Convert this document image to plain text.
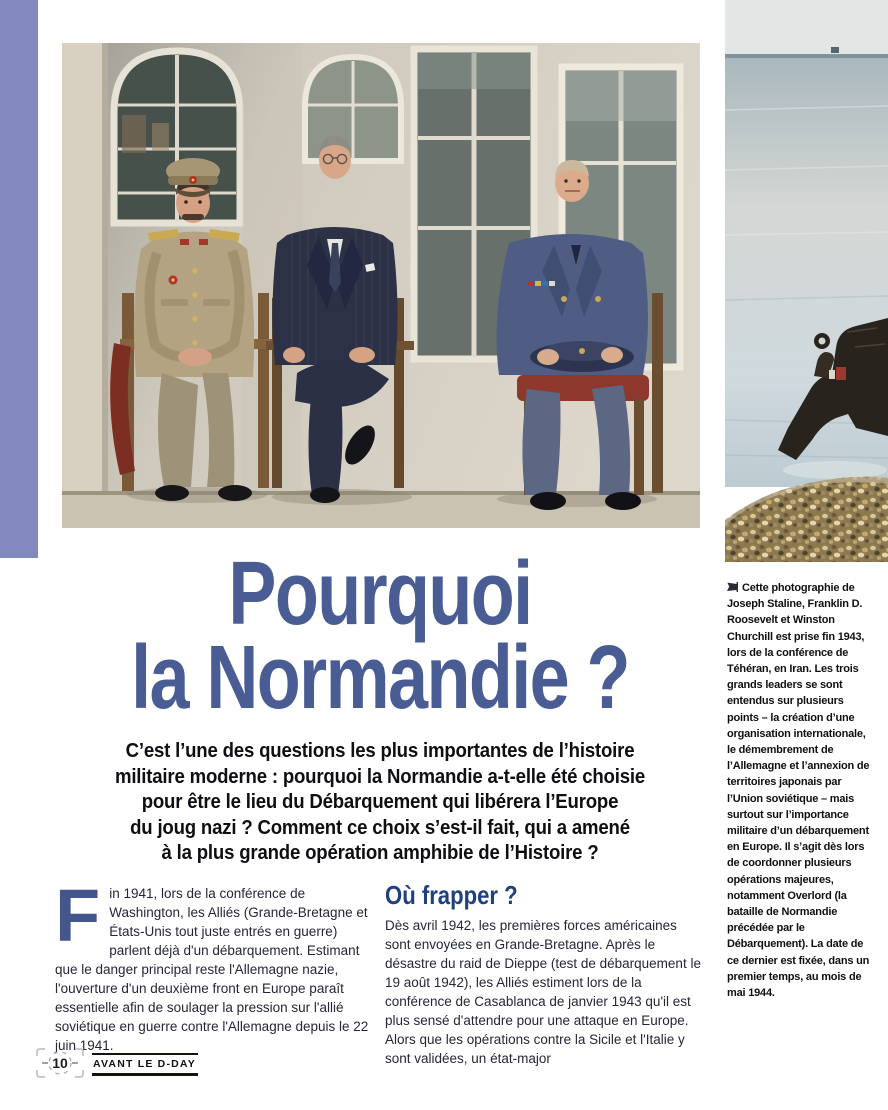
Cette photographie de Joseph Staline, Franklin D. Roosevelt et Winston Churchill est prise fin 1943, lors de la conférence de Téhéran, en Iran. Les trois grands leaders se sont entendus sur plusieurs points – la création d’une organisation internationale, le démembrement de l’Allemagne et l’annexion de territoires japonais par l’Union soviétique – mais surtout sur l’importance militaire d’un débarquement en Europe. Il s’agit dès lors de coordonner plusieurs opérations majeures, notamment Overlord (la bataille de Normandie précédée par le Débarquement). La date de ce dernier est fixée, dans un premier temps, au mois de mai 1944.
Pourquoi
la Normandie ?
C’est l’une des questions les plus importantes de l’histoire
militaire moderne : pourquoi la Normandie a-t-elle été choisie
pour être le lieu du Débarquement qui libérera l’Europe
du joug nazi ? Comment ce choix s’est-il fait, qui a amené
à la plus grande opération amphibie de l’Histoire ?
F in 1941, lors de la conférence de Washington, les Alliés (Grande-Bretagne et États-Unis tout juste entrés en guerre) parlent déjà d'un débarquement. Estimant que le danger principal reste l'Allemagne nazie, l'ouverture d'un deuxième front en Europe paraît essentielle afin de soulager la pression sur l'allié soviétique en guerre contre l'Allemagne depuis le 22 juin 1941.

Où frapper ?

Dès avril 1942, les premières forces américaines sont envoyées en Grande-Bretagne. Après le désastre du raid de Dieppe (test de débarquement le 19 août 1942), les Alliés estiment lors de la conférence de Casablanca de janvier 1943 qu'il est plus sensé d'attendre pour une attaque en Europe. Alors que les opérations contre la Sicile et l'Italie y sont validées, un état-major

10	AVANT LE D-DAY
